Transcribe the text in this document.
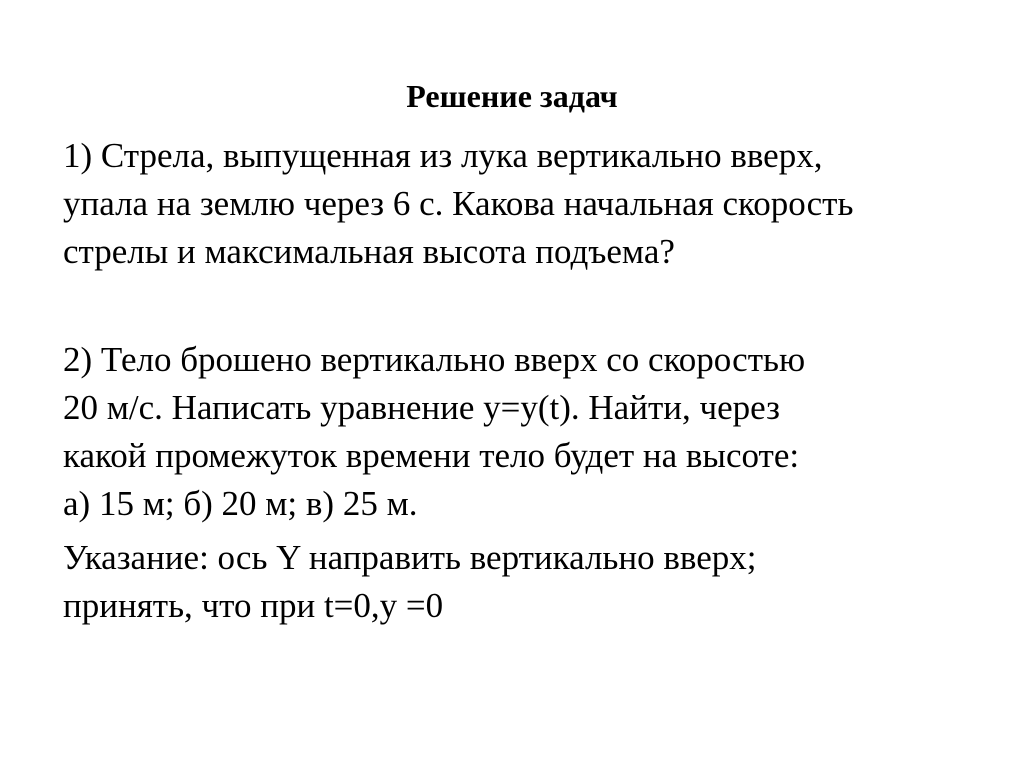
Решение задач
1) Стрела, выпущенная из лука вертикально вверх,
упала на землю через 6 с. Какова начальная скорость
стрелы и максимальная высота подъема?
2) Тело брошено вертикально вверх со скоростью
20 м/с. Написать уравнение y=y(t). Найти, через
какой промежуток времени тело будет на высоте:
а) 15 м; б) 20 м; в) 25 м.
Указание: ось Y направить вертикально вверх;
принять, что при t=0,y =0
